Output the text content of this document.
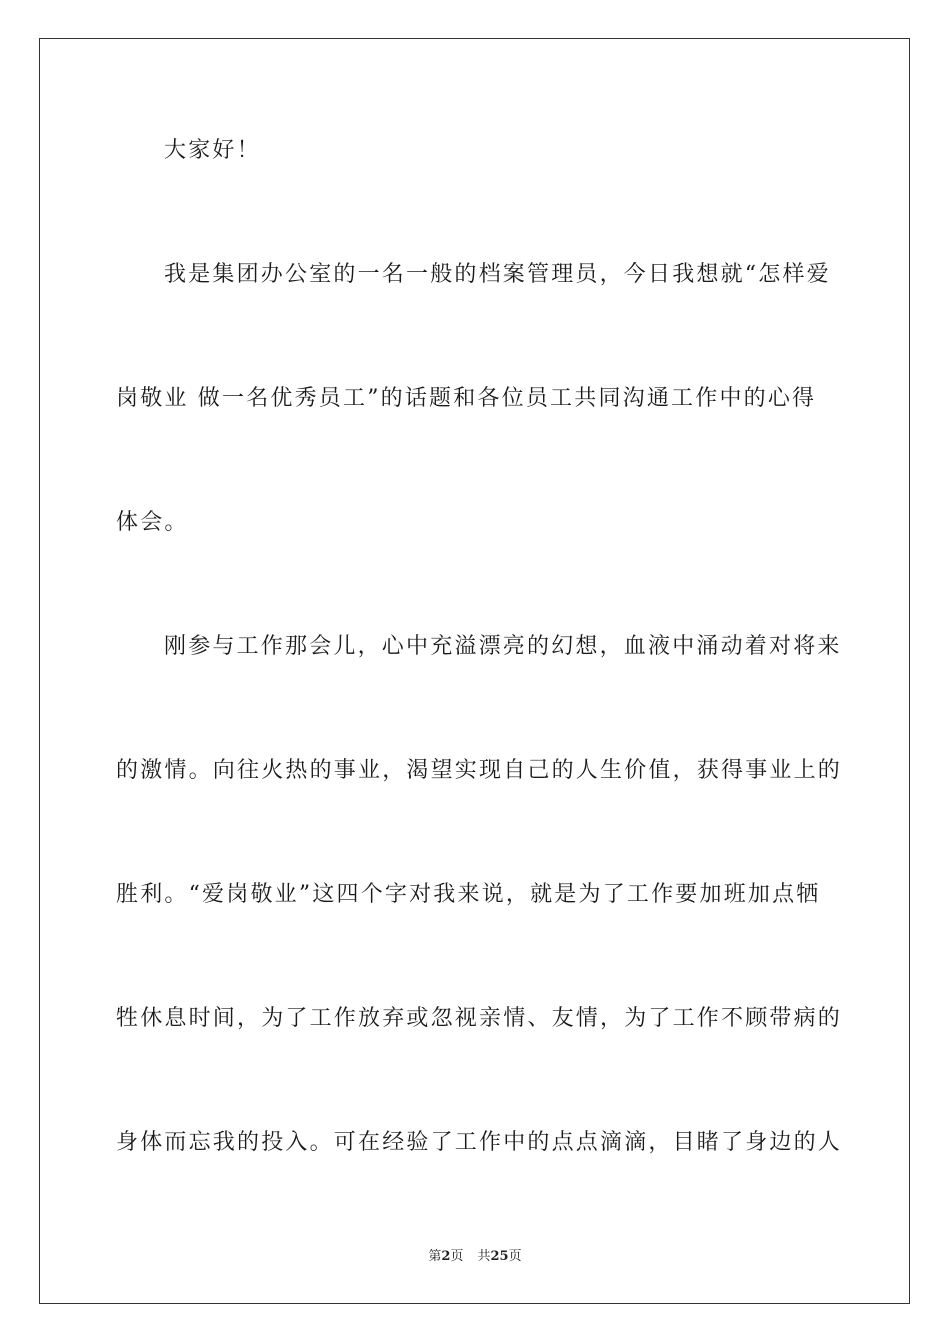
大家好！

我是集团办公室的一名一般的档案管理员，今日我想就“怎样爱

岗敬业 做一名优秀员工”的话题和各位员工共同沟通工作中的心得

体会。

刚参与工作那会儿，心中充溢漂亮的幻想，血液中涌动着对将来

的激情。向往火热的事业，渴望实现自己的人生价值，获得事业上的

胜利。“爱岗敬业”这四个字对我来说，就是为了工作要加班加点牺

牲休息时间，为了工作放弃或忽视亲情、友情，为了工作不顾带病的

身体而忘我的投入。可在经验了工作中的点点滴滴，目睹了身边的人

第2页 共25页
